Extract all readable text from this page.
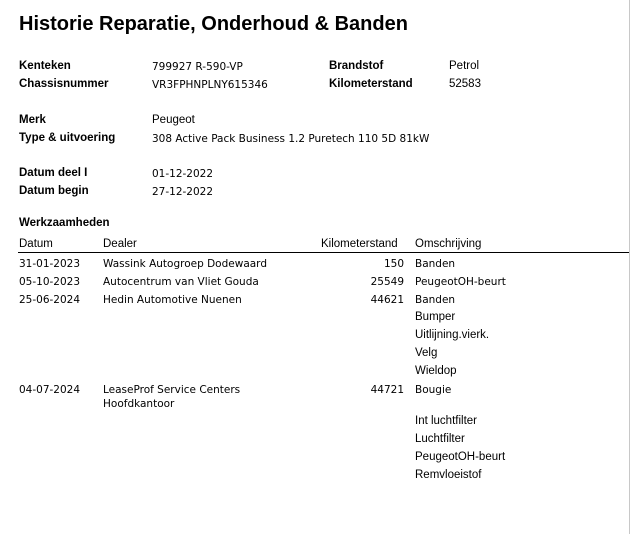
Historie Reparatie, Onderhoud & Banden
Kenteken	799927 R-590-VP	Brandstof	Petrol
Chassisnummer	VR3FPHNPLNY615346	Kilometerstand	52583
Merk	Peugeot
Type & uitvoering	308 Active Pack Business 1.2 Puretech 110 5D 81kW
Datum deel I	01-12-2022
Datum begin	27-12-2022
Werkzaamheden
Datum	Dealer	Kilometerstand Omschrijving
31-01-2023 Wassink Autogroep Dodewaard	150 Banden
05-10-2023 Autocentrum van Vliet Gouda	25549 PeugeotOH-beurt
25-06-2024 Hedin Automotive Nuenen	44621 Banden
Bumper
Uitlijning.vierk.
Velg
Wieldop
04-07-2024 LeaseProf Service Centers
Hoofdkantoor
44721 Bougie
Int luchtfilter
Luchtfilter
PeugeotOH-beurt
Remvloeistof
